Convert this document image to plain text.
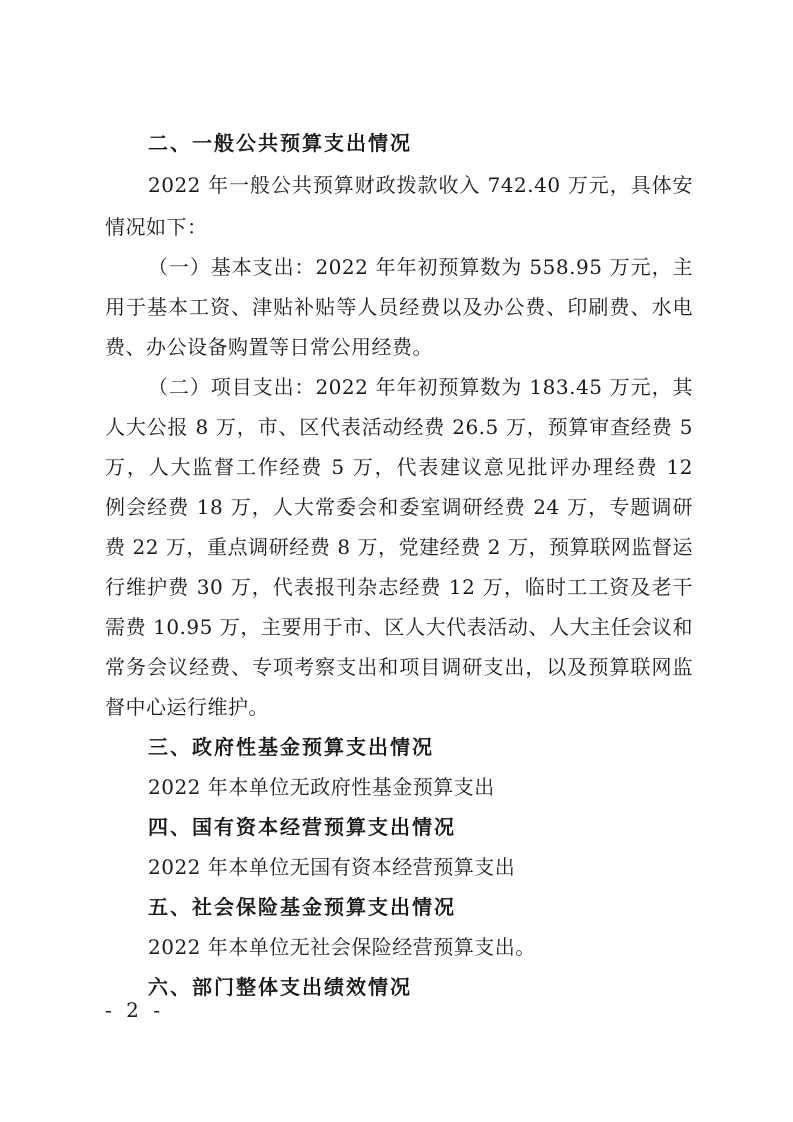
二、一般公共预算支出情况
2022 年一般公共预算财政拨款收入 742.40 万元，具体安
情况如下：
（一）基本支出：2022 年年初预算数为 558.95 万元，主
用于基本工资、津贴补贴等人员经费以及办公费、印刷费、水电
费、办公设备购置等日常公用经费。
（二）项目支出：2022 年年初预算数为 183.45 万元，其
人大公报 8 万，市、区代表活动经费 26.5 万，预算审查经费 5
万，人大监督工作经费 5 万，代表建议意见批评办理经费 12
例会经费 18 万，人大常委会和委室调研经费 24 万，专题调研
费 22 万，重点调研经费 8 万，党建经费 2 万，预算联网监督运
行维护费 30 万，代表报刊杂志经费 12 万，临时工工资及老干
需费 10.95 万，主要用于市、区人大代表活动、人大主任会议和
常务会议经费、专项考察支出和项目调研支出，以及预算联网监
督中心运行维护。
三、政府性基金预算支出情况
2022 年本单位无政府性基金预算支出
四、国有资本经营预算支出情况
2022 年本单位无国有资本经营预算支出
五、社会保险基金预算支出情况
2022 年本单位无社会保险经营预算支出。
六、部门整体支出绩效情况
- 2 -
